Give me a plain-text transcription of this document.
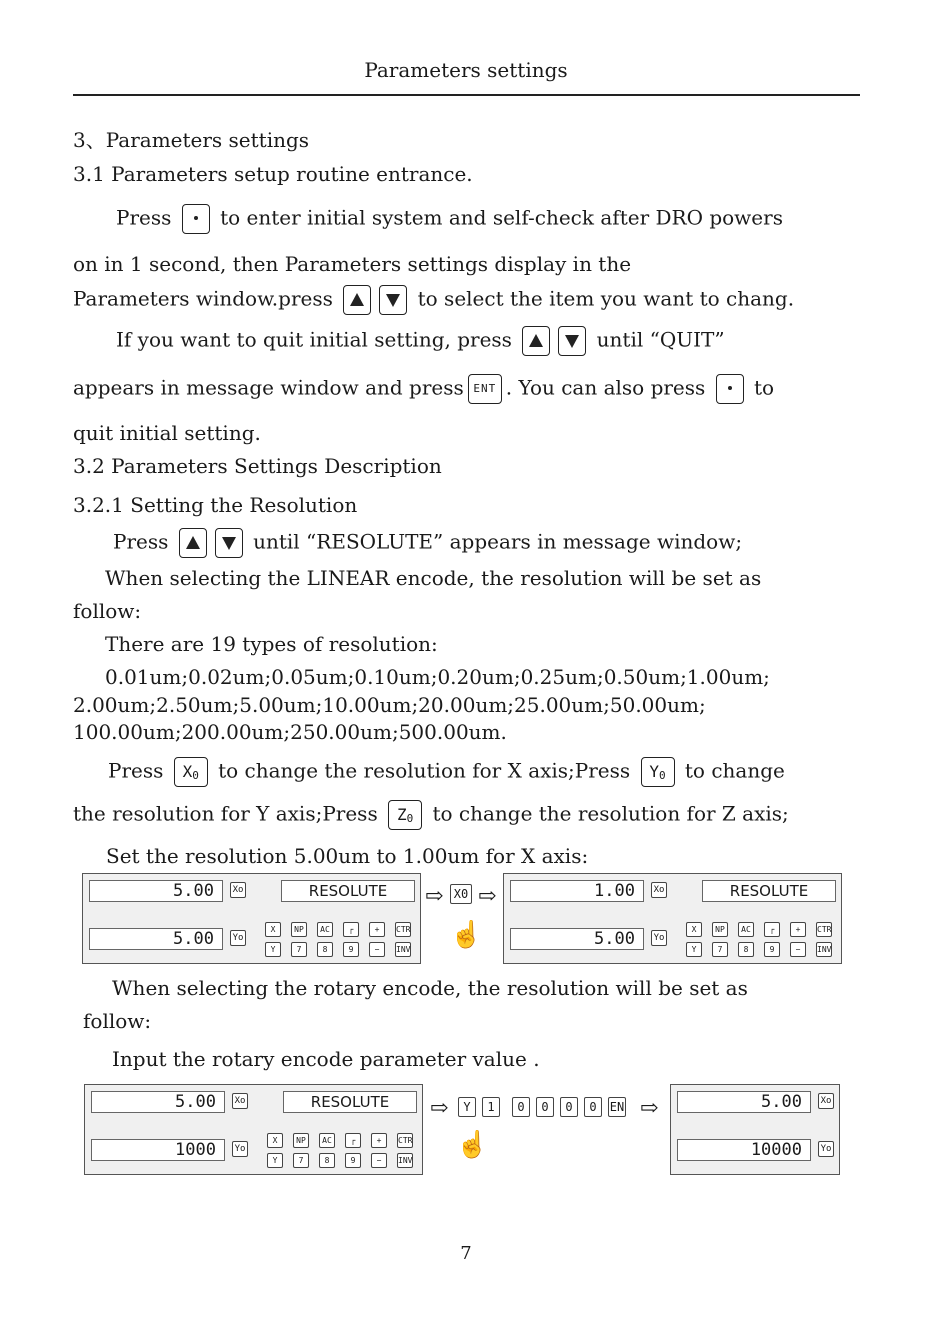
Parameters settings
3、Parameters settings
3.1 Parameters setup routine entrance.
Press to enter initial system and self-check after DRO powers
on in 1 second, then Parameters settings display in the
Parameters window.press	to select the item you want to chang.
If you want to quit initial setting, press	until “QUIT”
appears in message window and press ENT . You can also press to
quit initial setting.
3.2 Parameters Settings Description
3.2.1 Setting the Resolution
Press	until “RESOLUTE” appears in message window;
When selecting the LINEAR encode, the resolution will be set as
follow:
There are 19 types of resolution:
0.01um;0.02um;0.05um;0.10um;0.20um;0.25um;0.50um;1.00um;
2.00um;2.50um;5.00um;10.00um;20.00um;25.00um;50.00um;
100.00um;200.00um;250.00um;500.00um.
Press $X_0$ to change the resolution for X axis;Press $Y_0$ to change
the resolution for Y axis;Press $Z_0$ to change the resolution for Z axis;
Set the resolution 5.00um to 1.00um for X axis:
5.00	Xo	RESOLUTE
5.00	Yo
X	NP	AC	┌	+	CTR
Y	7	8	9	−	INV
⇨ X0 ⇨
☝
1.00	Xo	RESOLUTE
5.00	Yo
X	NP	AC	┌	+	CTR
Y	7	8	9	−	INV
When selecting the rotary encode, the resolution will be set as
follow:
Input the rotary encode parameter value .
5.00	Xo	RESOLUTE
1000	Yo
X	NP	AC	┌	+	CTR
Y	7	8	9	−	INV
⇨	Y	1	0	0	0	0	EN ⇨
☝
5.00	Xo
10000	Yo
7
